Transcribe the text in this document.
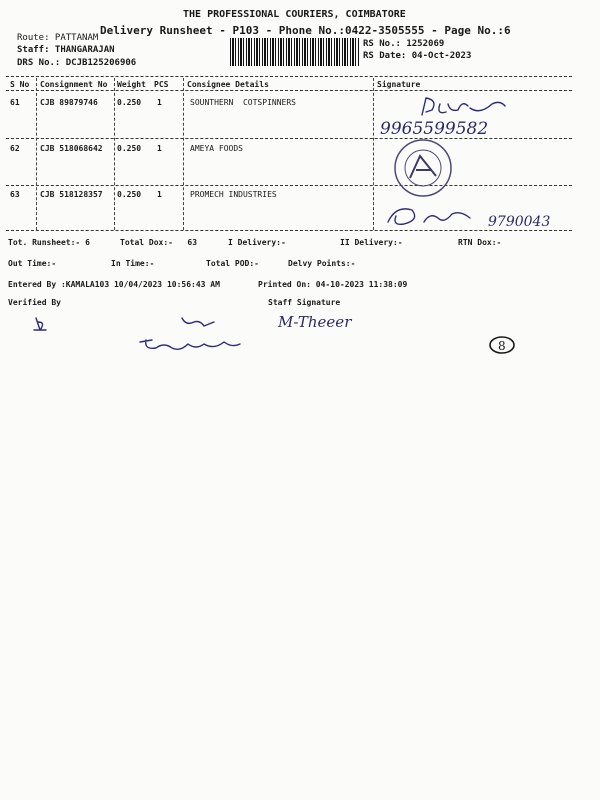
THE PROFESSIONAL COURIERS, COIMBATORE
Delivery Runsheet - P103 - Phone No.:0422-3505555 - Page No.:6
Route: PATTANAM
Staff: THANGARAJAN
DRS No.: DCJB125206906
RS No.: 1252069
RS Date: 04-Oct-2023
S No Consignment No Weight PCS Consignee Details	Signature
61	CJB 89879746 0.250 1	SOUNTHERN  COTSPINNERS
62	CJB 518068642 0.250 1	AMEYA FOODS
63	CJB 518128357 0.250 1	PROMECH INDUSTRIES
9965599582
9790043
M-Theeer
8
Tot. Runsheet:- 6	Total Dox:-   63	I Delivery:-	II Delivery:-	RTN Dox:-
Out Time:-	In Time:-	Total POD:-	Delvy Points:-
Entered By :KAMALA103 10/04/2023 10:56:43 AM	Printed On: 04-10-2023 11:38:09
Verified By	Staff Signature
